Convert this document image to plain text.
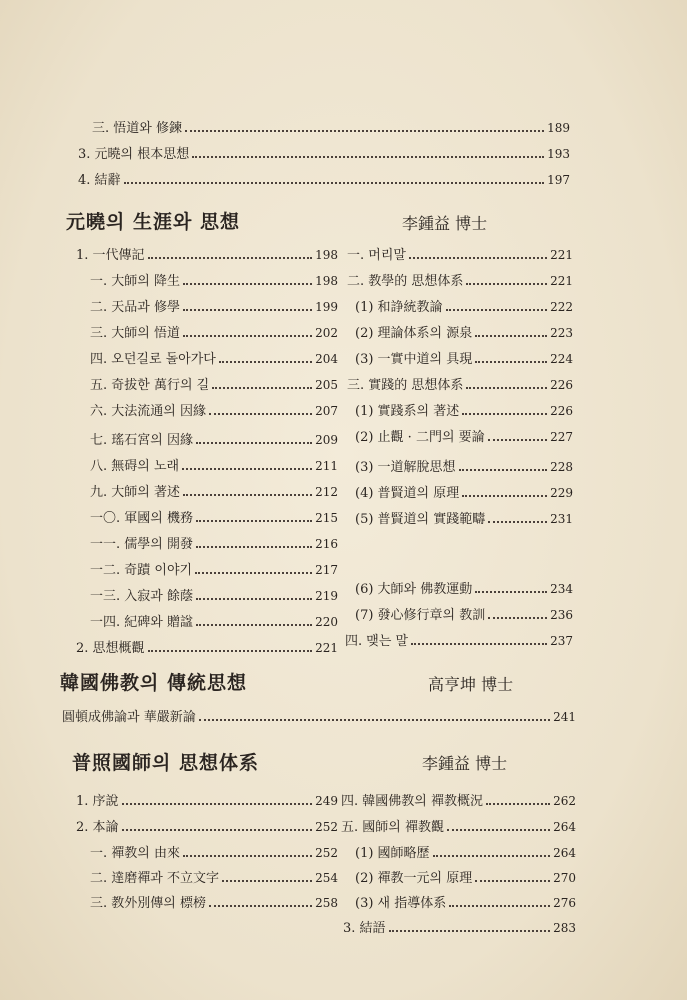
三. 悟道와 修鍊	189
3. 元曉의 根本思想	193
4. 結辭	197
元曉의 生涯와 思想	李鍾益 博士
1. 一代傳記	198
一. 大師의 降生	198
二. 天品과 修學	199
三. 大師의 悟道	202
四. 오던길로 돌아가다	204
五. 奇拔한 萬行의 길	205
六. 大法流通의 因緣	207
七. 瑤石宮의 因緣	209
八. 無碍의 노래	211
九. 大師의 著述	212
一〇. 軍國의 機務	215
一一. 儒學의 開發	216
一二. 奇蹟 이야기	217
一三. 入寂과 餘蔭	219
一四. 紀碑와 贈諡	220
2. 思想概觀	221
一. 머리말	221
二. 教學的 思想体系	221
(1) 和諍統教論	222
(2) 理論体系의 源泉	223
(3) 一實中道의 具現	224
三. 實踐的 思想体系	226
(1) 實踐系의 著述	226
(2) 止觀 · 二門의 要論	227
(3) 一道解脫思想	228
(4) 普賢道의 原理	229
(5) 普賢道의 實踐範疇	231
(6) 大師와 佛教運動	234
(7) 發心修行章의 教訓	236
四. 맺는 말	237
韓國佛教의 傳統思想	高亨坤 博士
圓頓成佛論과 華嚴新論	241
普照國師의 思想体系	李鍾益 博士
1. 序說	249
2. 本論	252
一. 禪教의 由來	252
二. 達磨禪과 不立文字	254
三. 教外別傳의 標榜	258
四. 韓國佛教의 禪教概況	262
五. 國師의 禪教觀	264
(1) 國師略歷	264
(2) 禪教一元의 原理	270
(3) 새 指導体系	276
3. 結語	283
